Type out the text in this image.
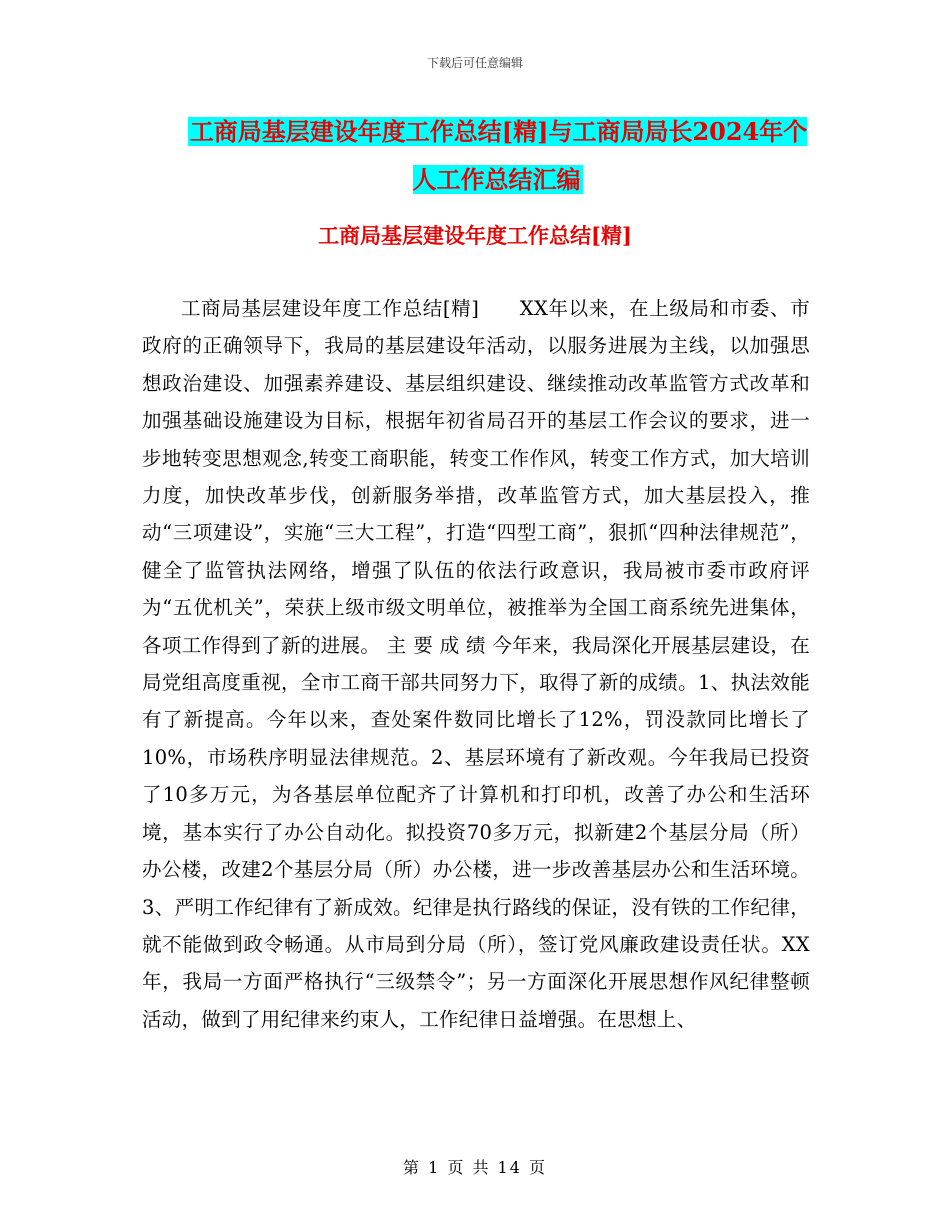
下载后可任意编辑
工商局基层建设年度工作总结[精]与工商局局长2024年个人工作总结汇编
工商局基层建设年度工作总结[精]

工商局基层建设年度工作总结[精]　　XX年以来，在上级局和市委、市政府的正确领导下，我局的基层建设年活动，以服务进展为主线，以加强思想政治建设、加强素养建设、基层组织建设、继续推动改革监管方式改革和加强基础设施建设为目标，根据年初省局召开的基层工作会议的要求，进一步地转变思想观念,转变工商职能，转变工作作风，转变工作方式，加大培训力度，加快改革步伐，创新服务举措，改革监管方式，加大基层投入，推动“三项建设”，实施“三大工程”，打造“四型工商”，狠抓“四种法律规范”，健全了监管执法网络，增强了队伍的依法行政意识，我局被市委市政府评为“五优机关”，荣获上级市级文明单位，被推举为全国工商系统先进集体，各项工作得到了新的进展。 主 要 成 绩 今年来，我局深化开展基层建设，在局党组高度重视，全市工商干部共同努力下，取得了新的成绩。1、执法效能有了新提高。今年以来，查处案件数同比增长了12%，罚没款同比增长了10%，市场秩序明显法律规范。2、基层环境有了新改观。今年我局已投资了10多万元，为各基层单位配齐了计算机和打印机，改善了办公和生活环境，基本实行了办公自动化。拟投资70多万元，拟新建2个基层分局（所）办公楼，改建2个基层分局（所）办公楼，进一步改善基层办公和生活环境。3、严明工作纪律有了新成效。纪律是执行路线的保证，没有铁的工作纪律，就不能做到政令畅通。从市局到分局（所），签订党风廉政建设责任状。XX年，我局一方面严格执行“三级禁令”；另一方面深化开展思想作风纪律整顿活动，做到了用纪律来约束人，工作纪律日益增强。在思想上、

第 1 页 共 14 页
